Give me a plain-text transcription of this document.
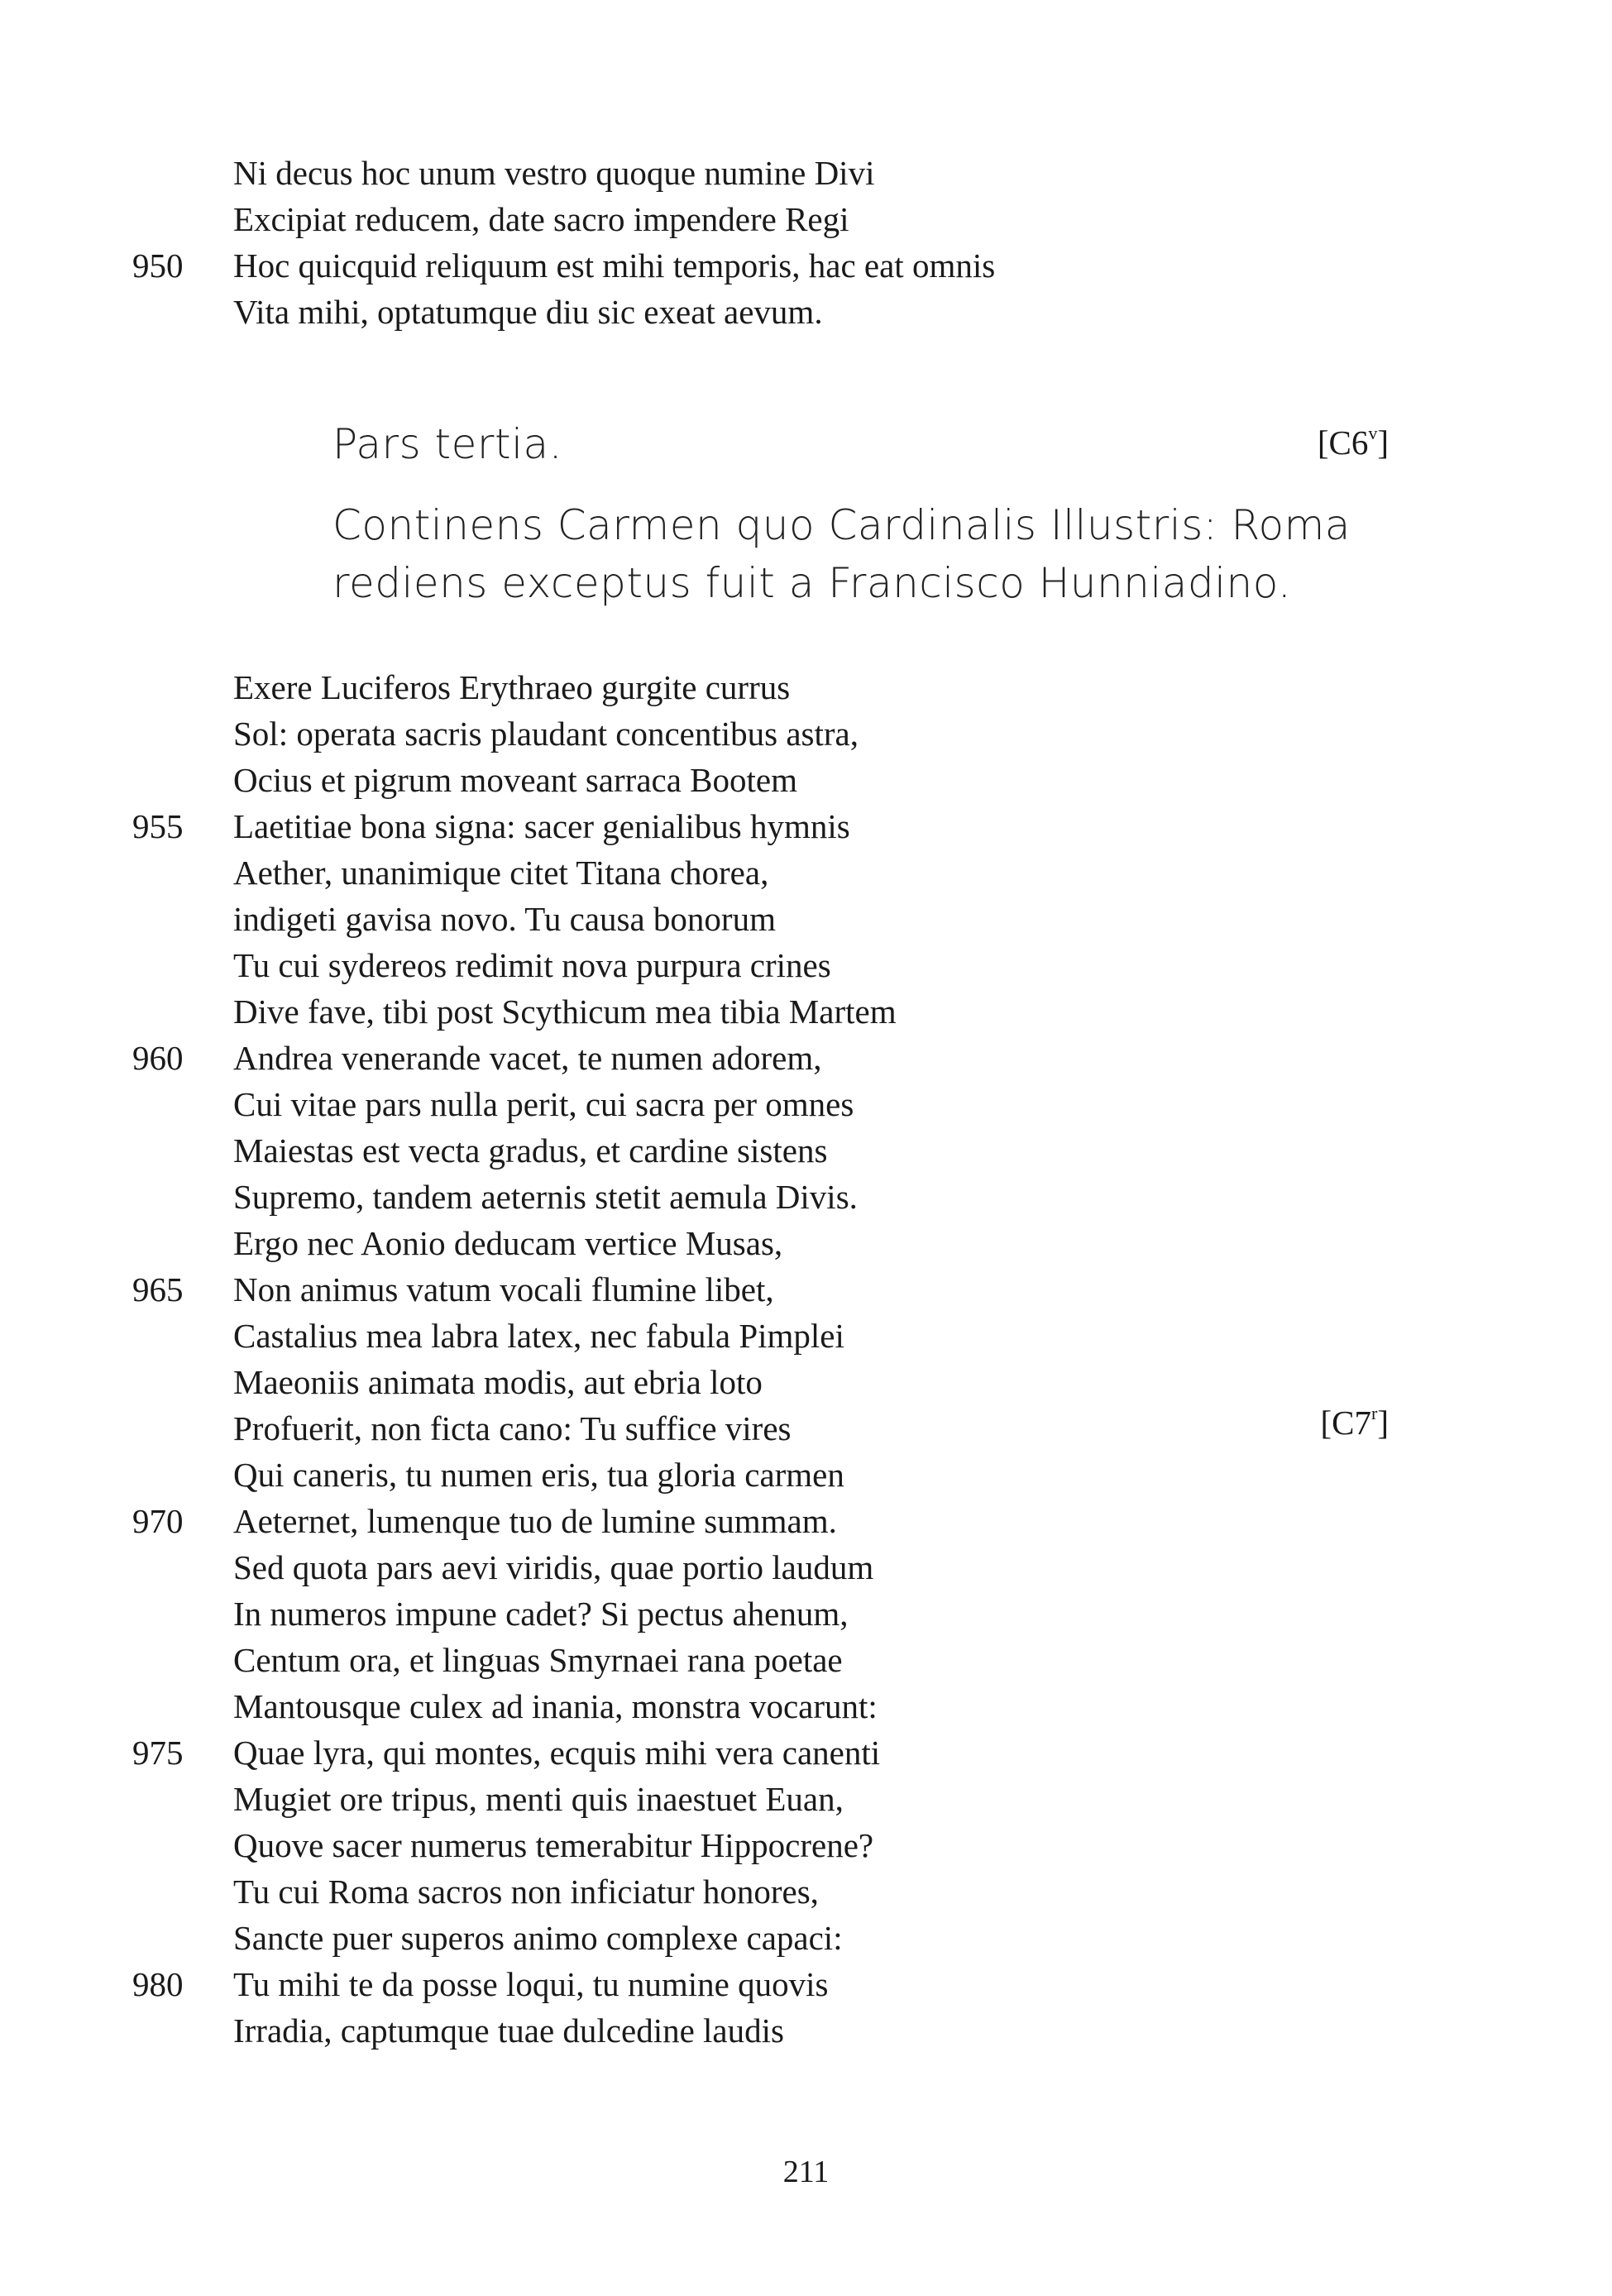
Ni decus hoc unum vestro quoque numine Divi
Excipiat reducem, date sacro impendere Regi
950	Hoc quicquid reliquum est mihi temporis, hac eat omnis
Vita mihi, optatumque diu sic exeat aevum.
Pars tertia.
Continens Carmen quo Cardinalis Illustris: Roma
rediens exceptus fuit a Francisco Hunniadino.
[C6$^v$]
Exere Luciferos Erythraeo gurgite currus
Sol: operata sacris plaudant concentibus astra,
Ocius et pigrum moveant sarraca Bootem
955	Laetitiae bona signa: sacer genialibus hymnis
Aether, unanimique citet Titana chorea,
indigeti gavisa novo. Tu causa bonorum
Tu cui sydereos redimit nova purpura crines
Dive fave, tibi post Scythicum mea tibia Martem
960	Andrea venerande vacet, te numen adorem,
Cui vitae pars nulla perit, cui sacra per omnes
Maiestas est vecta gradus, et cardine sistens
Supremo, tandem aeternis stetit aemula Divis.
Ergo nec Aonio deducam vertice Musas,
965	Non animus vatum vocali flumine libet,
Castalius mea labra latex, nec fabula Pimplei
Maeoniis animata modis, aut ebria loto
Profuerit, non ficta cano: Tu suffice vires
Qui caneris, tu numen eris, tua gloria carmen
970	Aeternet, lumenque tuo de lumine summam.
Sed quota pars aevi viridis, quae portio laudum
In numeros impune cadet? Si pectus ahenum,
Centum ora, et linguas Smyrnaei rana poetae
Mantousque culex ad inania, monstra vocarunt:
975	Quae lyra, qui montes, ecquis mihi vera canenti
Mugiet ore tripus, menti quis inaestuet Euan,
Quove sacer numerus temerabitur Hippocrene?
Tu cui Roma sacros non inficiatur honores,
Sancte puer superos animo complexe capaci:
980	Tu mihi te da posse loqui, tu numine quovis
Irradia, captumque tuae dulcedine laudis
[C7$^r$]
211
